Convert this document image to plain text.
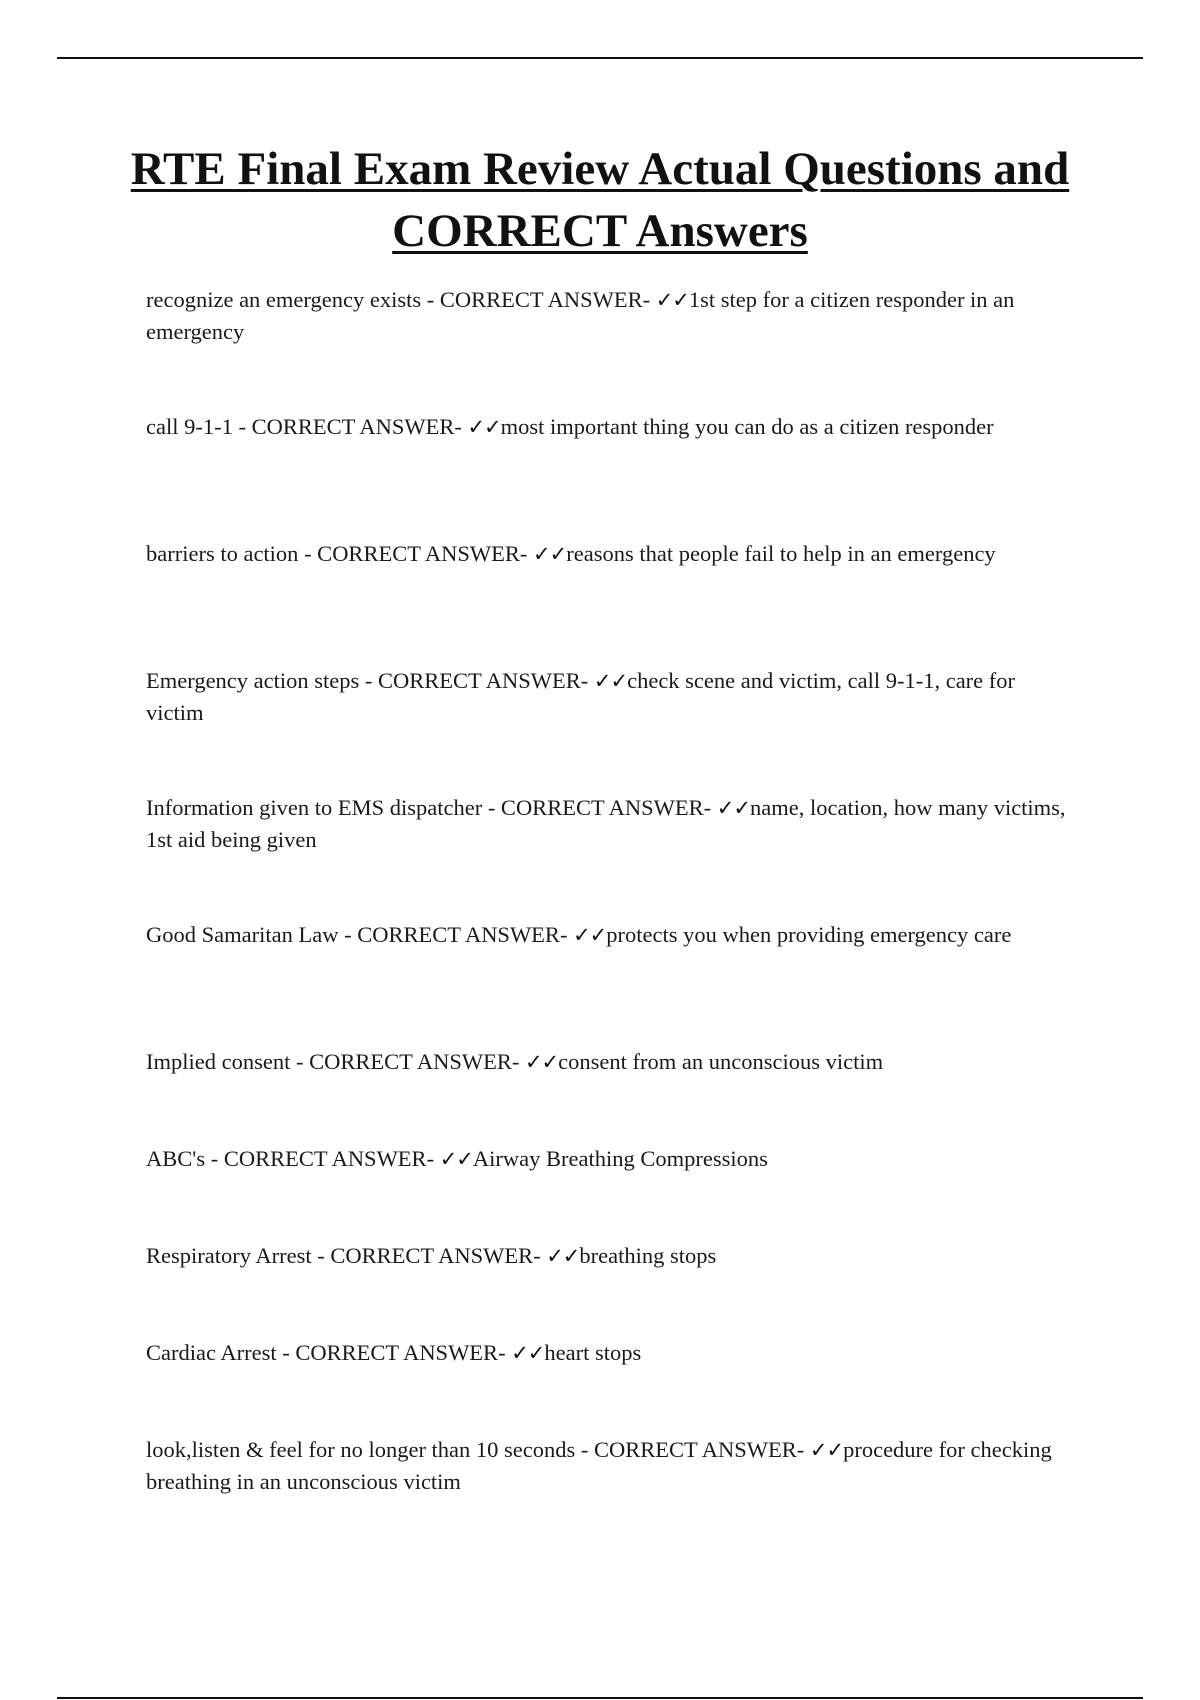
RTE Final Exam Review Actual Questions and CORRECT Answers
recognize an emergency exists - CORRECT ANSWER- ✓✓1st step for a citizen responder in an emergency
call 9-1-1 - CORRECT ANSWER- ✓✓most important thing you can do as a citizen responder
barriers to action - CORRECT ANSWER- ✓✓reasons that people fail to help in an emergency
Emergency action steps - CORRECT ANSWER- ✓✓check scene and victim, call 9-1-1, care for victim
Information given to EMS dispatcher - CORRECT ANSWER- ✓✓name, location, how many victims, 1st aid being given
Good Samaritan Law - CORRECT ANSWER- ✓✓protects you when providing emergency care
Implied consent - CORRECT ANSWER- ✓✓consent from an unconscious victim
ABC's - CORRECT ANSWER- ✓✓Airway Breathing Compressions
Respiratory Arrest - CORRECT ANSWER- ✓✓breathing stops
Cardiac Arrest - CORRECT ANSWER- ✓✓heart stops
look,listen & feel for no longer than 10 seconds - CORRECT ANSWER- ✓✓procedure for checking breathing in an unconscious victim
